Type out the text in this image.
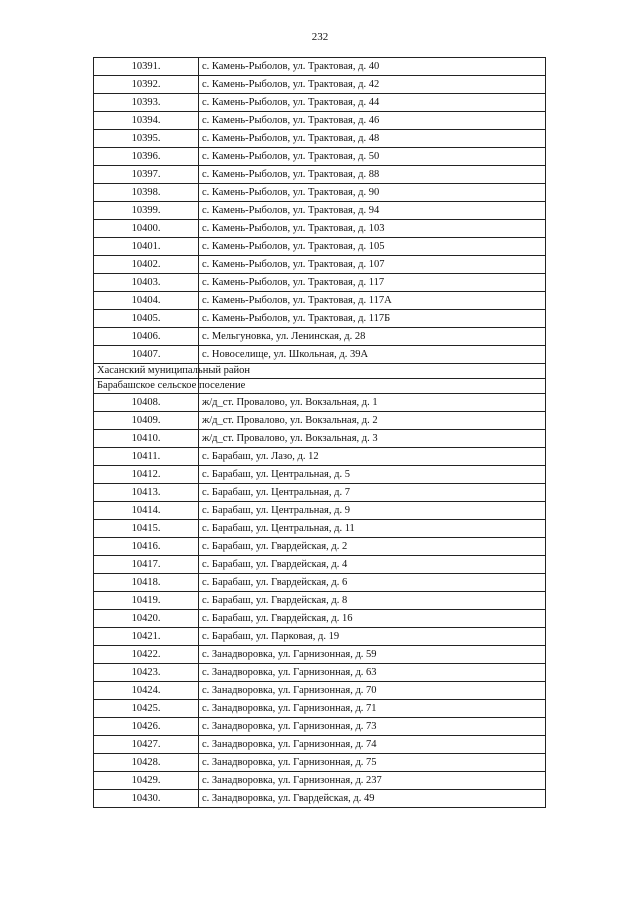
232
10391.	с. Камень-Рыболов, ул. Трактовая, д. 40
10392.	с. Камень-Рыболов, ул. Трактовая, д. 42
10393.	с. Камень-Рыболов, ул. Трактовая, д. 44
10394.	с. Камень-Рыболов, ул. Трактовая, д. 46
10395.	с. Камень-Рыболов, ул. Трактовая, д. 48
10396.	с. Камень-Рыболов, ул. Трактовая, д. 50
10397.	с. Камень-Рыболов, ул. Трактовая, д. 88
10398.	с. Камень-Рыболов, ул. Трактовая, д. 90
10399.	с. Камень-Рыболов, ул. Трактовая, д. 94
10400.	с. Камень-Рыболов, ул. Трактовая, д. 103
10401.	с. Камень-Рыболов, ул. Трактовая, д. 105
10402.	с. Камень-Рыболов, ул. Трактовая, д. 107
10403.	с. Камень-Рыболов, ул. Трактовая, д. 117
10404.	с. Камень-Рыболов, ул. Трактовая, д. 117А
10405.	с. Камень-Рыболов, ул. Трактовая, д. 117Б
10406.	с. Мельгуновка, ул. Ленинская, д. 28
10407.	с. Новоселище, ул. Школьная, д. 39А
Хасанский муниципальный район	
Барабашское сельское поселение	
10408.	ж/д_ст. Провалово, ул. Вокзальная, д. 1
10409.	ж/д_ст. Провалово, ул. Вокзальная, д. 2
10410.	ж/д_ст. Провалово, ул. Вокзальная, д. 3
10411.	с. Барабаш, ул. Лазо, д. 12
10412.	с. Барабаш, ул. Центральная, д. 5
10413.	с. Барабаш, ул. Центральная, д. 7
10414.	с. Барабаш, ул. Центральная, д. 9
10415.	с. Барабаш, ул. Центральная, д. 11
10416.	с. Барабаш, ул. Гвардейская, д. 2
10417.	с. Барабаш, ул. Гвардейская, д. 4
10418.	с. Барабаш, ул. Гвардейская, д. 6
10419.	с. Барабаш, ул. Гвардейская, д. 8
10420.	с. Барабаш, ул. Гвардейская, д. 16
10421.	с. Барабаш, ул. Парковая, д. 19
10422.	с. Занадворовка, ул. Гарнизонная, д. 59
10423.	с. Занадворовка, ул. Гарнизонная, д. 63
10424.	с. Занадворовка, ул. Гарнизонная, д. 70
10425.	с. Занадворовка, ул. Гарнизонная, д. 71
10426.	с. Занадворовка, ул. Гарнизонная, д. 73
10427.	с. Занадворовка, ул. Гарнизонная, д. 74
10428.	с. Занадворовка, ул. Гарнизонная, д. 75
10429.	с. Занадворовка, ул. Гарнизонная, д. 237
10430.	с. Занадворовка, ул. Гвардейская, д. 49
